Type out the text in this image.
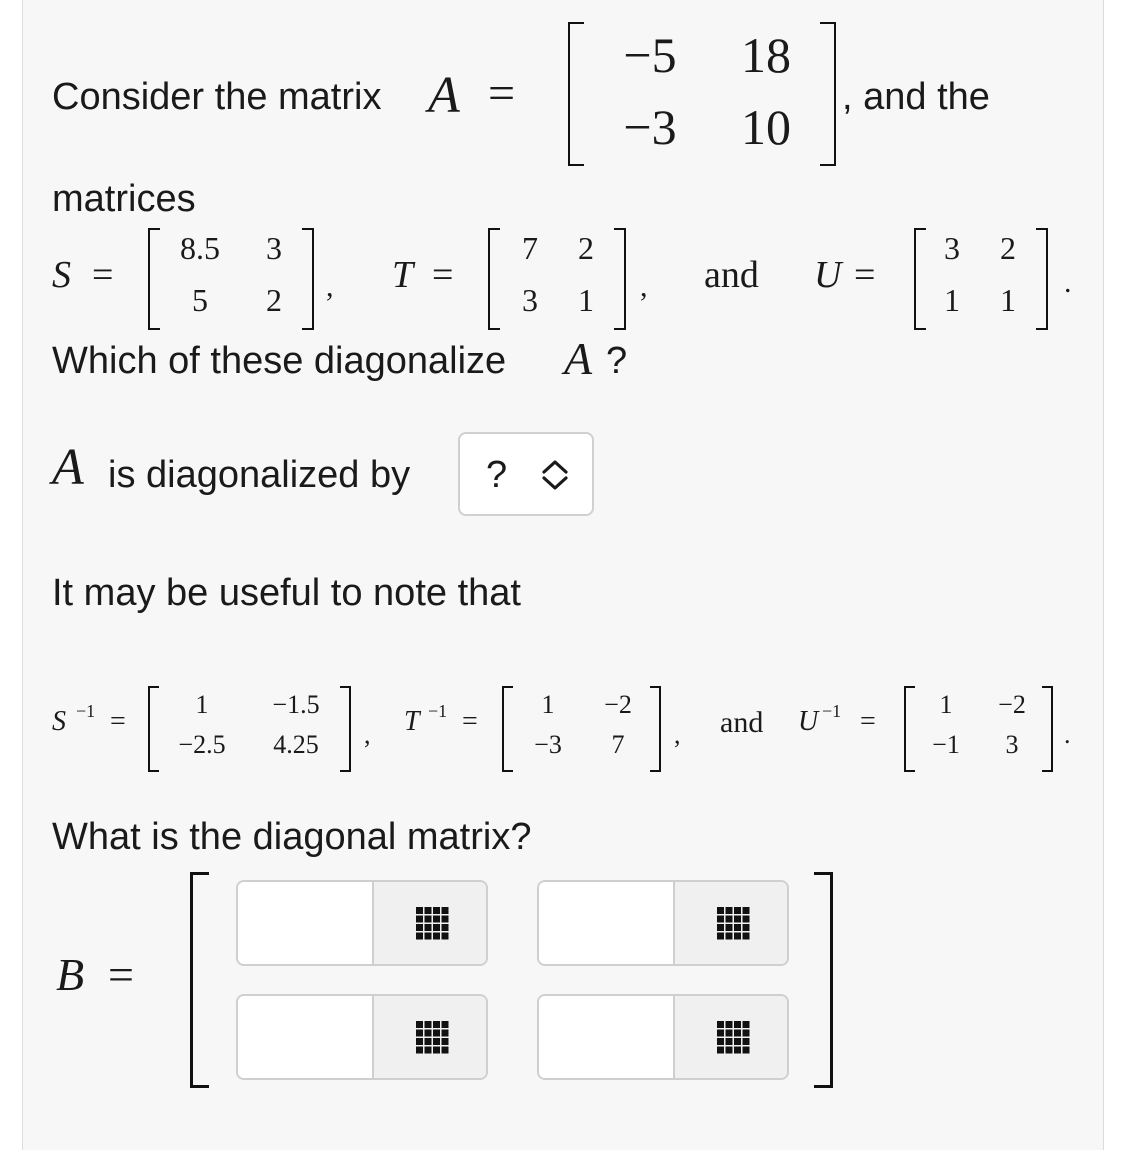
Consider the matrix A =
−5 18
−3 10
, and the
matrices
S =
8.5	3
5	2	, T =
7	2
3	1	, and U =
3	2
1	1	.
Which of these diagonalize A ?
A is diagonalized by ?
It may be useful to note that
S −1 =
1	−1.5
−2.5	4.25	, T −1 =
1	−2
−3	7	, and U −1 =
1	−2
−1	3	.
What is the diagonal matrix?
B =
